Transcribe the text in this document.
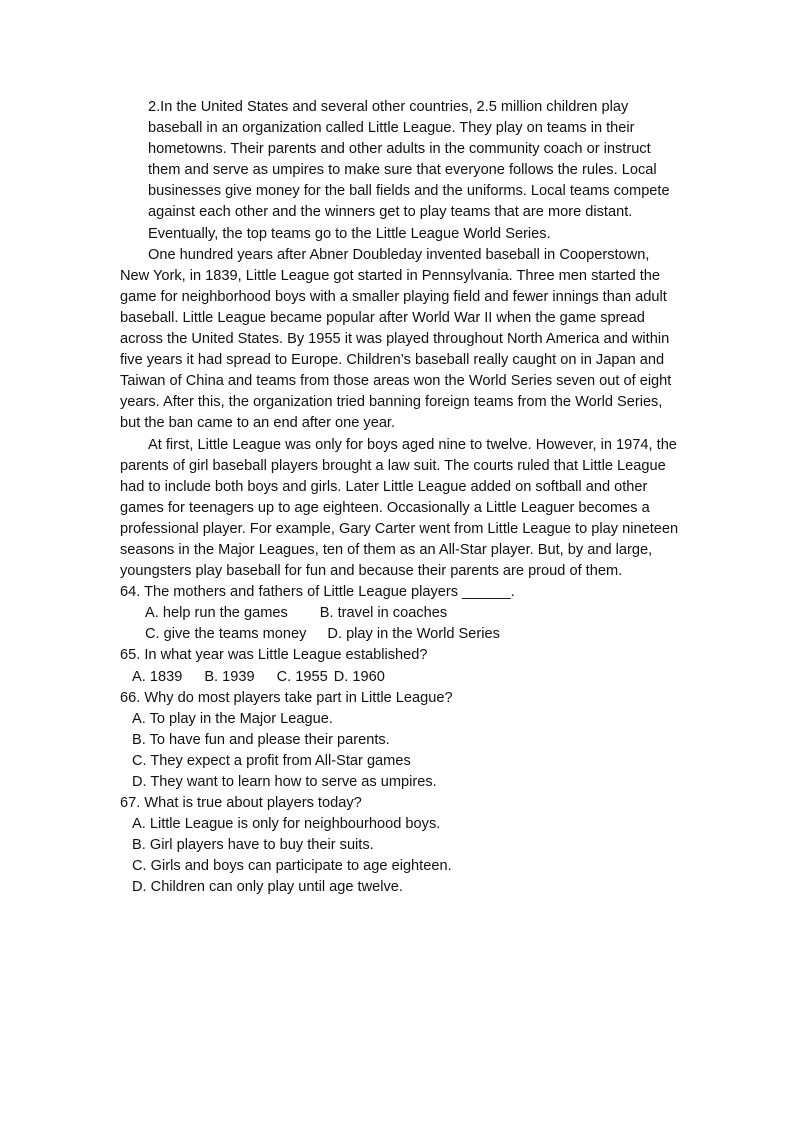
2.In the United States and several other countries, 2.5 million children play baseball in an organization called Little League. They play on teams in their hometowns. Their parents and other adults in the community coach or instruct them and serve as umpires to make sure that everyone follows the rules. Local businesses give money for the ball fields and the uniforms. Local teams compete against each other and the winners get to play teams that are more distant. Eventually, the top teams go to the Little League World Series.

One hundred years after Abner Doubleday invented baseball in Cooperstown, New York, in 1839, Little League got started in Pennsylvania. Three men started the game for neighborhood boys with a smaller playing field and fewer innings than adult baseball. Little League became popular after World War II when the game spread across the United States. By 1955 it was played throughout North America and within five years it had spread to Europe. Children’s baseball really caught on in Japan and Taiwan of China and teams from those areas won the World Series seven out of eight years. After this, the organization tried banning foreign teams from the World Series, but the ban came to an end after one year.

At first, Little League was only for boys aged nine to twelve. However, in 1974, the parents of girl baseball players brought a law suit. The courts ruled that Little League had to include both boys and girls. Later Little League added on softball and other games for teenagers up to age eighteen. Occasionally a Little Leaguer becomes a professional player. For example, Gary Carter went from Little League to play nineteen seasons in the Major Leagues, ten of them as an All-Star player. But, by and large, youngsters play baseball for fun and because their parents are proud of them.

64. The mothers and fathers of Little League players ______.

A. help run the games B. travel in coaches

C. give the teams money D. play in the World Series

65. In what year was Little League established?

A. 1839 B. 1939 C. 1955 D. 1960

66. Why do most players take part in Little League?

A. To play in the Major League.

B. To have fun and please their parents.

C. They expect a profit from All-Star games

D. They want to learn how to serve as umpires.

67. What is true about players today?

A. Little League is only for neighbourhood boys.

B. Girl players have to buy their suits.

C. Girls and boys can participate to age eighteen.

D. Children can only play until age twelve.
